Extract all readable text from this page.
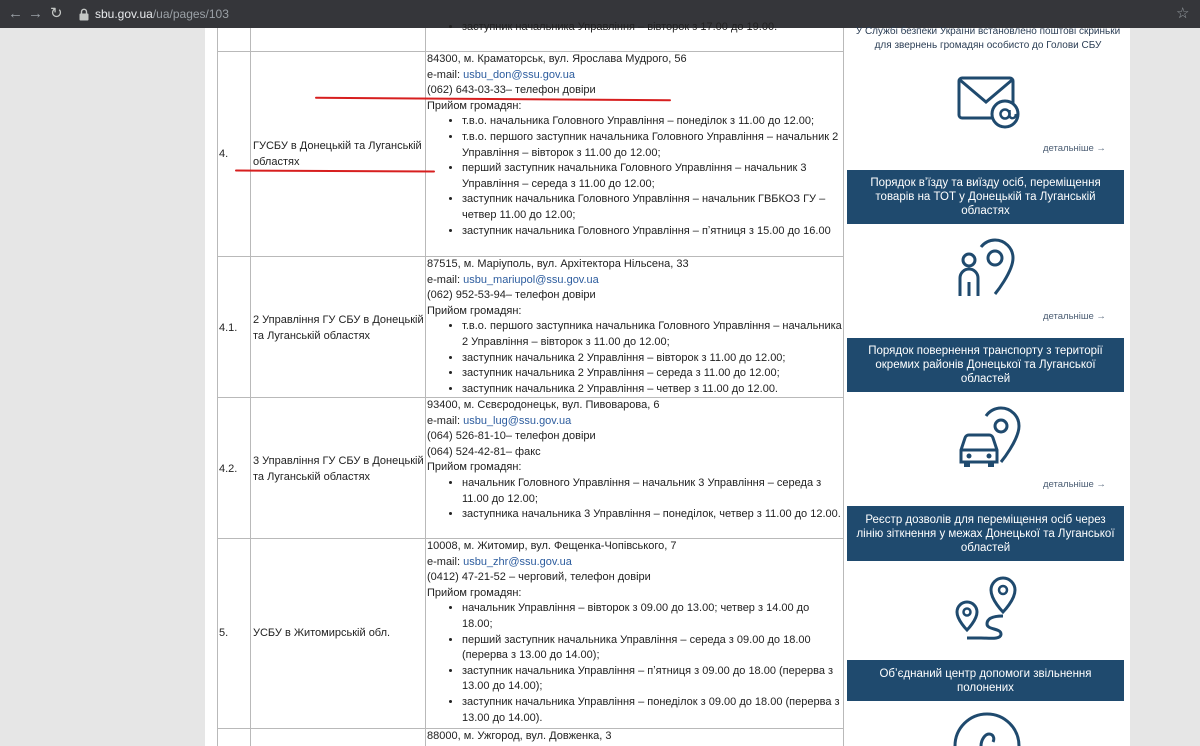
← → ↻	sbu.gov.ua/ua/pages/103	☆
• заступник начальника Управління – вівторок з 17.00 до 19.00.
4.
ГУСБУ в Донецькій та Луганській областях
84300, м. Краматорськ, вул. Ярослава Мудрого, 56
e-mail: usbu_don@ssu.gov.ua
(062) 643-03-33– телефон довіри
Прийом громадян:
• т.в.о. начальника Головного Управління – понеділок з 11.00 до 12.00;
• т.в.о. першого заступник начальника Головного Управління – начальник 2 Управління – вівторок з 11.00 до 12.00;
• перший заступник начальника Головного Управління – начальник 3 Управління – середа з 11.00 до 12.00;
• заступник начальника Головного Управління – начальник ГВБКОЗ ГУ – четвер 11.00 до 12.00;
• заступник начальника Головного Управління – пʼятниця з 15.00 до 16.00
4.1.
2 Управління ГУ СБУ в Донецькій та Луганській областях
87515, м. Маріуполь, вул. Архітектора Нільсена, 33
e-mail: usbu_mariupol@ssu.gov.ua
(062) 952-53-94– телефон довіри
Прийом громадян:
• т.в.о. першого заступника начальника Головного Управління – начальника 2 Управління – вівторок з 11.00 до 12.00;
• заступник начальника 2 Управління – вівторок з 11.00 до 12.00;
• заступник начальника 2 Управління – середа з 11.00 до 12.00;
• заступник начальника 2 Управління – четвер з 11.00 до 12.00.
4.2.
3 Управління ГУ СБУ в Донецькій та Луганській областях
93400, м. Сєвєродонецьк, вул. Пивоварова, 6
e-mail: usbu_lug@ssu.gov.ua
(064) 526-81-10– телефон довіри
(064) 524-42-81– факс
Прийом громадян:
• начальник Головного Управління – начальник 3 Управління – середа з 11.00 до 12.00;
• заступника начальника 3 Управління – понеділок, четвер з 11.00 до 12.00.
5. УСБУ в Житомирській обл.
10008, м. Житомир, вул. Фещенка-Чопівського, 7
e-mail: usbu_zhr@ssu.gov.ua
(0412) 47-21-52 – черговий, телефон довіри
Прийом громадян:
• начальник Управління – вівторок з 09.00 до 13.00; четвер з 14.00 до 18.00;
• перший заступник начальника Управління – середа з 09.00 до 18.00 (перерва з 13.00 до 14.00);
• заступник начальника Управління – пʼятниця з 09.00 до 18.00 (перерва з 13.00 до 14.00);
• заступник начальника Управління – понеділок з 09.00 до 18.00 (перерва з 13.00 до 14.00).
88000, м. Ужгород, вул. Довженка, 3
У Службі безпеки України встановлено поштові скриньки для звернень громадян особисто до Голови СБУ
детальніше →
Порядок вʼїзду та виїзду осіб, переміщення товарів на ТОТ у Донецькій та Луганській областях
детальніше →
Порядок повернення транспорту з території окремих районів Донецької та Луганської областей
детальніше →
Реєстр дозволів для переміщення осіб через лінію зіткнення у межах Донецької та Луганської областей
Обʼєднаний центр допомоги звільнення полонених
